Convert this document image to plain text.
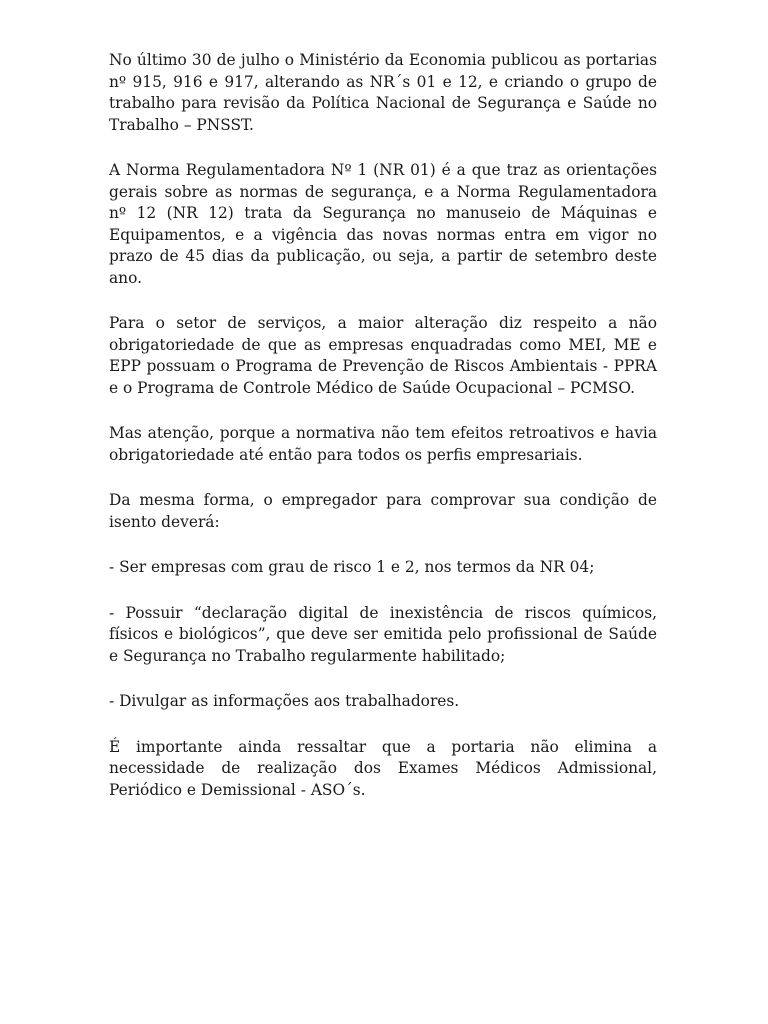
No último 30 de julho o Ministério da Economia publicou as portarias nº 915, 916 e 917, alterando as NR´s 01 e 12, e criando o grupo de trabalho para revisão da Política Nacional de Segurança e Saúde no Trabalho – PNSST.

A Norma Regulamentadora Nº 1 (NR 01) é a que traz as orientações gerais sobre as normas de segurança, e a Norma Regulamentadora nº 12 (NR 12) trata da Segurança no manuseio de Máquinas e Equipamentos, e a vigência das novas normas entra em vigor no prazo de 45 dias da publicação, ou seja, a partir de setembro deste ano.

Para o setor de serviços, a maior alteração diz respeito a não obrigatoriedade de que as empresas enquadradas como MEI, ME e EPP possuam o Programa de Prevenção de Riscos Ambientais - PPRA e o Programa de Controle Médico de Saúde Ocupacional – PCMSO.

Mas atenção, porque a normativa não tem efeitos retroativos e havia obrigatoriedade até então para todos os perfis empresariais.

Da mesma forma, o empregador para comprovar sua condição de isento deverá:

- Ser empresas com grau de risco 1 e 2, nos termos da NR 04;

- Possuir “declaração digital de inexistência de riscos químicos, físicos e biológicos”, que deve ser emitida pelo profissional de Saúde e Segurança no Trabalho regularmente habilitado;

- Divulgar as informações aos trabalhadores.

É importante ainda ressaltar que a portaria não elimina a necessidade de realização dos Exames Médicos Admissional, Periódico e Demissional - ASO´s.
